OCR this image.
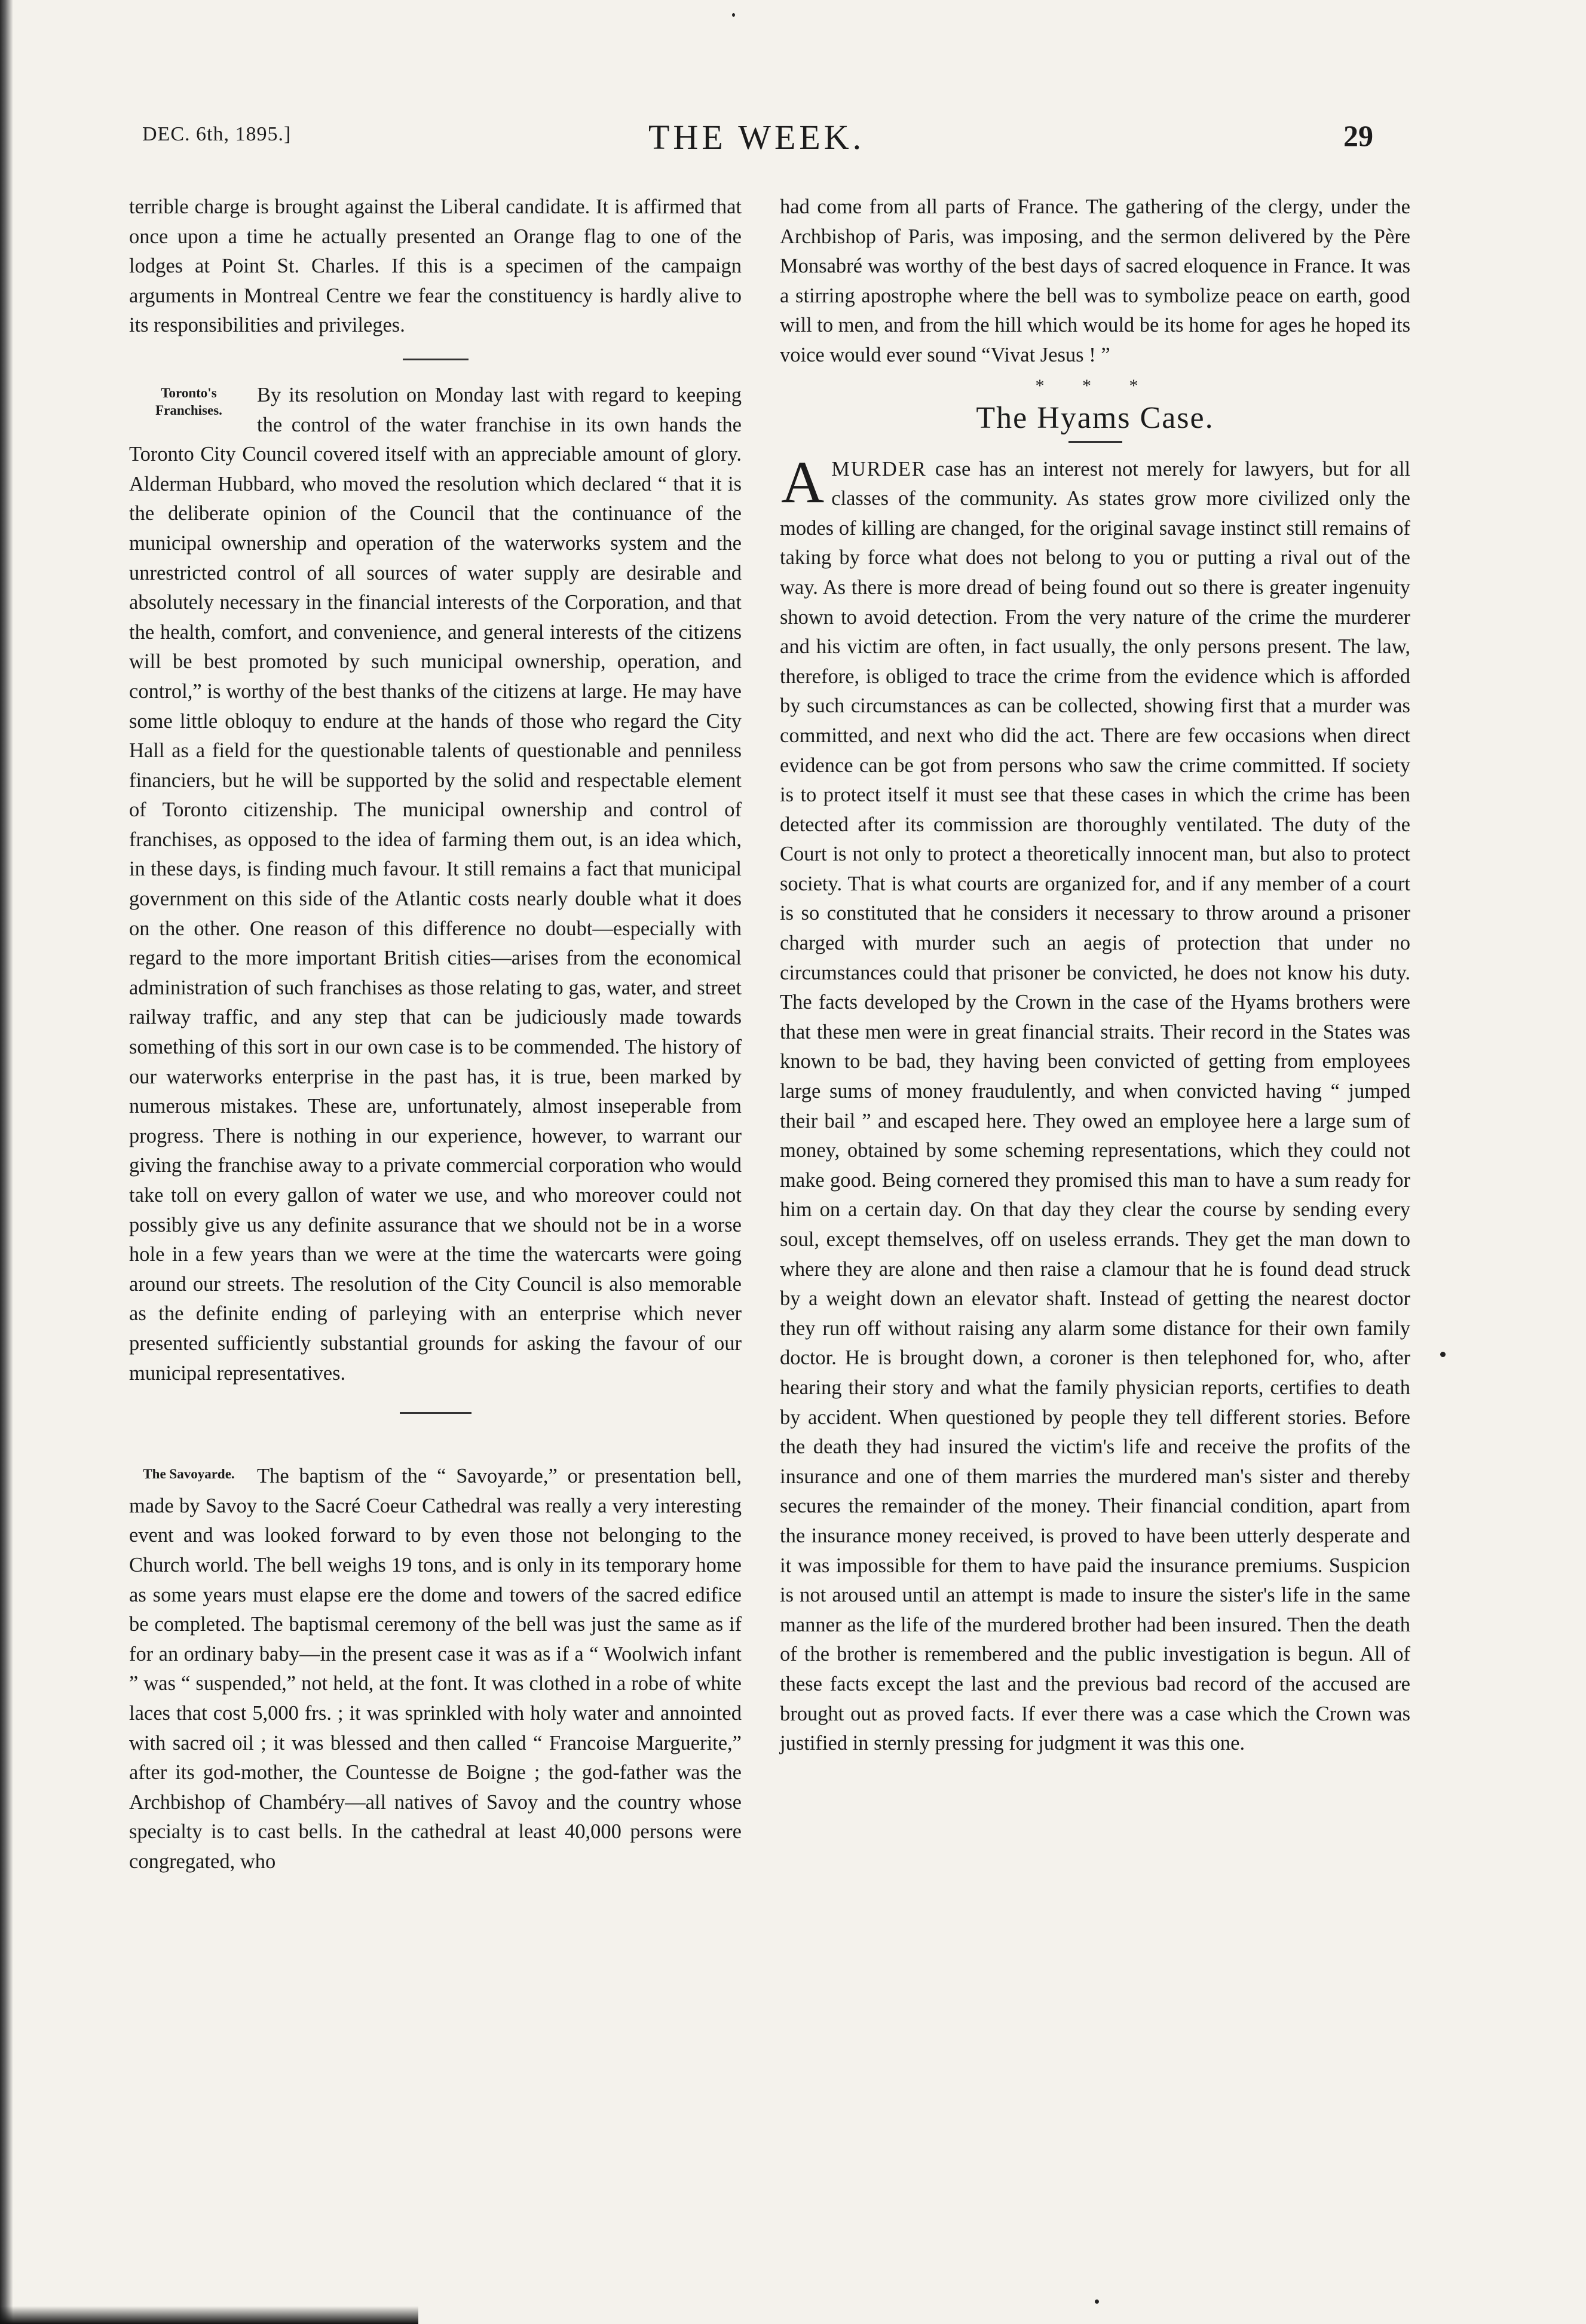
DEC. 6th, 1895.]	THE WEEK.	29

terrible charge is brought against the Liberal candidate. It is affirmed that once upon a time he actually presented an Orange flag to one of the lodges at Point St. Charles. If this is a specimen of the campaign arguments in Montreal Centre we fear the constituency is hardly alive to its responsibilities and privileges.

Toronto's Franchises.

By its resolution on Monday last with regard to keeping the control of the water franchise in its own hands the Toronto City Council covered itself with an appreciable amount of glory. Alderman Hubbard, who moved the resolution which declared “ that it is the deliberate opinion of the Council that the continuance of the municipal ownership and operation of the waterworks system and the unrestricted control of all sources of water supply are desirable and absolutely necessary in the financial interests of the Corporation, and that the health, comfort, and convenience, and general interests of the citizens will be best promoted by such municipal ownership, operation, and control,” is worthy of the best thanks of the citizens at large. He may have some little obloquy to endure at the hands of those who regard the City Hall as a field for the questionable talents of questionable and penniless financiers, but he will be supported by the solid and respectable element of Toronto citizenship. The municipal ownership and control of franchises, as opposed to the idea of farming them out, is an idea which, in these days, is finding much favour. It still remains a fact that municipal government on this side of the Atlantic costs nearly double what it does on the other. One reason of this difference no doubt—especially with regard to the more important British cities—arises from the economical administration of such franchises as those relating to gas, water, and street railway traffic, and any step that can be judiciously made towards something of this sort in our own case is to be commended. The history of our waterworks enterprise in the past has, it is true, been marked by numerous mistakes. These are, unfortunately, almost inseperable from progress. There is nothing in our experience, however, to warrant our giving the franchise away to a private commercial corporation who would take toll on every gallon of water we use, and who moreover could not possibly give us any definite assurance that we should not be in a worse hole in a few years than we were at the time the watercarts were going around our streets. The resolution of the City Council is also memorable as the definite ending of parleying with an enterprise which never presented sufficiently substantial grounds for asking the favour of our municipal representatives.

The Savoyarde.	The baptism of the “ Savoyarde,” or presentation bell, made by Savoy to the Sacré Coeur Cathedral was really a very interesting event and was looked forward to by even those not belonging to the Church world. The bell weighs 19 tons, and is only in its temporary home as some years must elapse ere the dome and towers of the sacred edifice be completed. The baptismal ceremony of the bell was just the same as if for an ordinary baby—in the present case it was as if a “ Woolwich infant ” was “ suspended,” not held, at the font. It was clothed in a robe of white laces that cost 5,000 frs. ; it was sprinkled with holy water and annointed with sacred oil ; it was blessed and then called “ Francoise Marguerite,” after its god-mother, the Countesse de Boigne ; the god-father was the Archbishop of Chambéry—all natives of Savoy and the country whose specialty is to cast bells. In the cathedral at least 40,000 persons were congregated, who

had come from all parts of France. The gathering of the clergy, under the Archbishop of Paris, was imposing, and the sermon delivered by the Père Monsabré was worthy of the best days of sacred eloquence in France. It was a stirring apostrophe where the bell was to symbolize peace on earth, good will to men, and from the hill which would be its home for ages he hoped its voice would ever sound “Vivat Jesus ! ”

* * *
The Hyams Case.

AMURDER case has an interest not merely for lawyers, but for all classes of the community. As states grow more civilized only the modes of killing are changed, for the original savage instinct still remains of taking by force what does not belong to you or putting a rival out of the way. As there is more dread of being found out so there is greater ingenuity shown to avoid detection. From the very nature of the crime the murderer and his victim are often, in fact usually, the only persons present. The law, therefore, is obliged to trace the crime from the evidence which is afforded by such circumstances as can be collected, showing first that a murder was committed, and next who did the act. There are few occasions when direct evidence can be got from persons who saw the crime committed. If society is to protect itself it must see that these cases in which the crime has been detected after its commission are thoroughly ventilated. The duty of the Court is not only to protect a theoretically innocent man, but also to protect society. That is what courts are organized for, and if any member of a court is so constituted that he considers it necessary to throw around a prisoner charged with murder such an aegis of protection that under no circumstances could that prisoner be convicted, he does not know his duty. The facts developed by the Crown in the case of the Hyams brothers were that these men were in great financial straits. Their record in the States was known to be bad, they having been convicted of getting from employees large sums of money fraudulently, and when convicted having “ jumped their bail ” and escaped here. They owed an employee here a large sum of money, obtained by some scheming representations, which they could not make good. Being cornered they promised this man to have a sum ready for him on a certain day. On that day they clear the course by sending every soul, except themselves, off on useless errands. They get the man down to where they are alone and then raise a clamour that he is found dead struck by a weight down an elevator shaft. Instead of getting the nearest doctor they run off without raising any alarm some distance for their own family doctor. He is brought down, a coroner is then telephoned for, who, after hearing their story and what the family physician reports, certifies to death by accident. When questioned by people they tell different stories. Before the death they had insured the victim's life and receive the profits of the insurance and one of them marries the murdered man's sister and thereby secures the remainder of the money. Their financial condition, apart from the insurance money received, is proved to have been utterly desperate and it was impossible for them to have paid the insurance premiums. Suspicion is not aroused until an attempt is made to insure the sister's life in the same manner as the life of the murdered brother had been insured. Then the death of the brother is remembered and the public investigation is begun. All of these facts except the last and the previous bad record of the accused are brought out as proved facts. If ever there was a case which the Crown was justified in sternly pressing for judgment it was this one.
